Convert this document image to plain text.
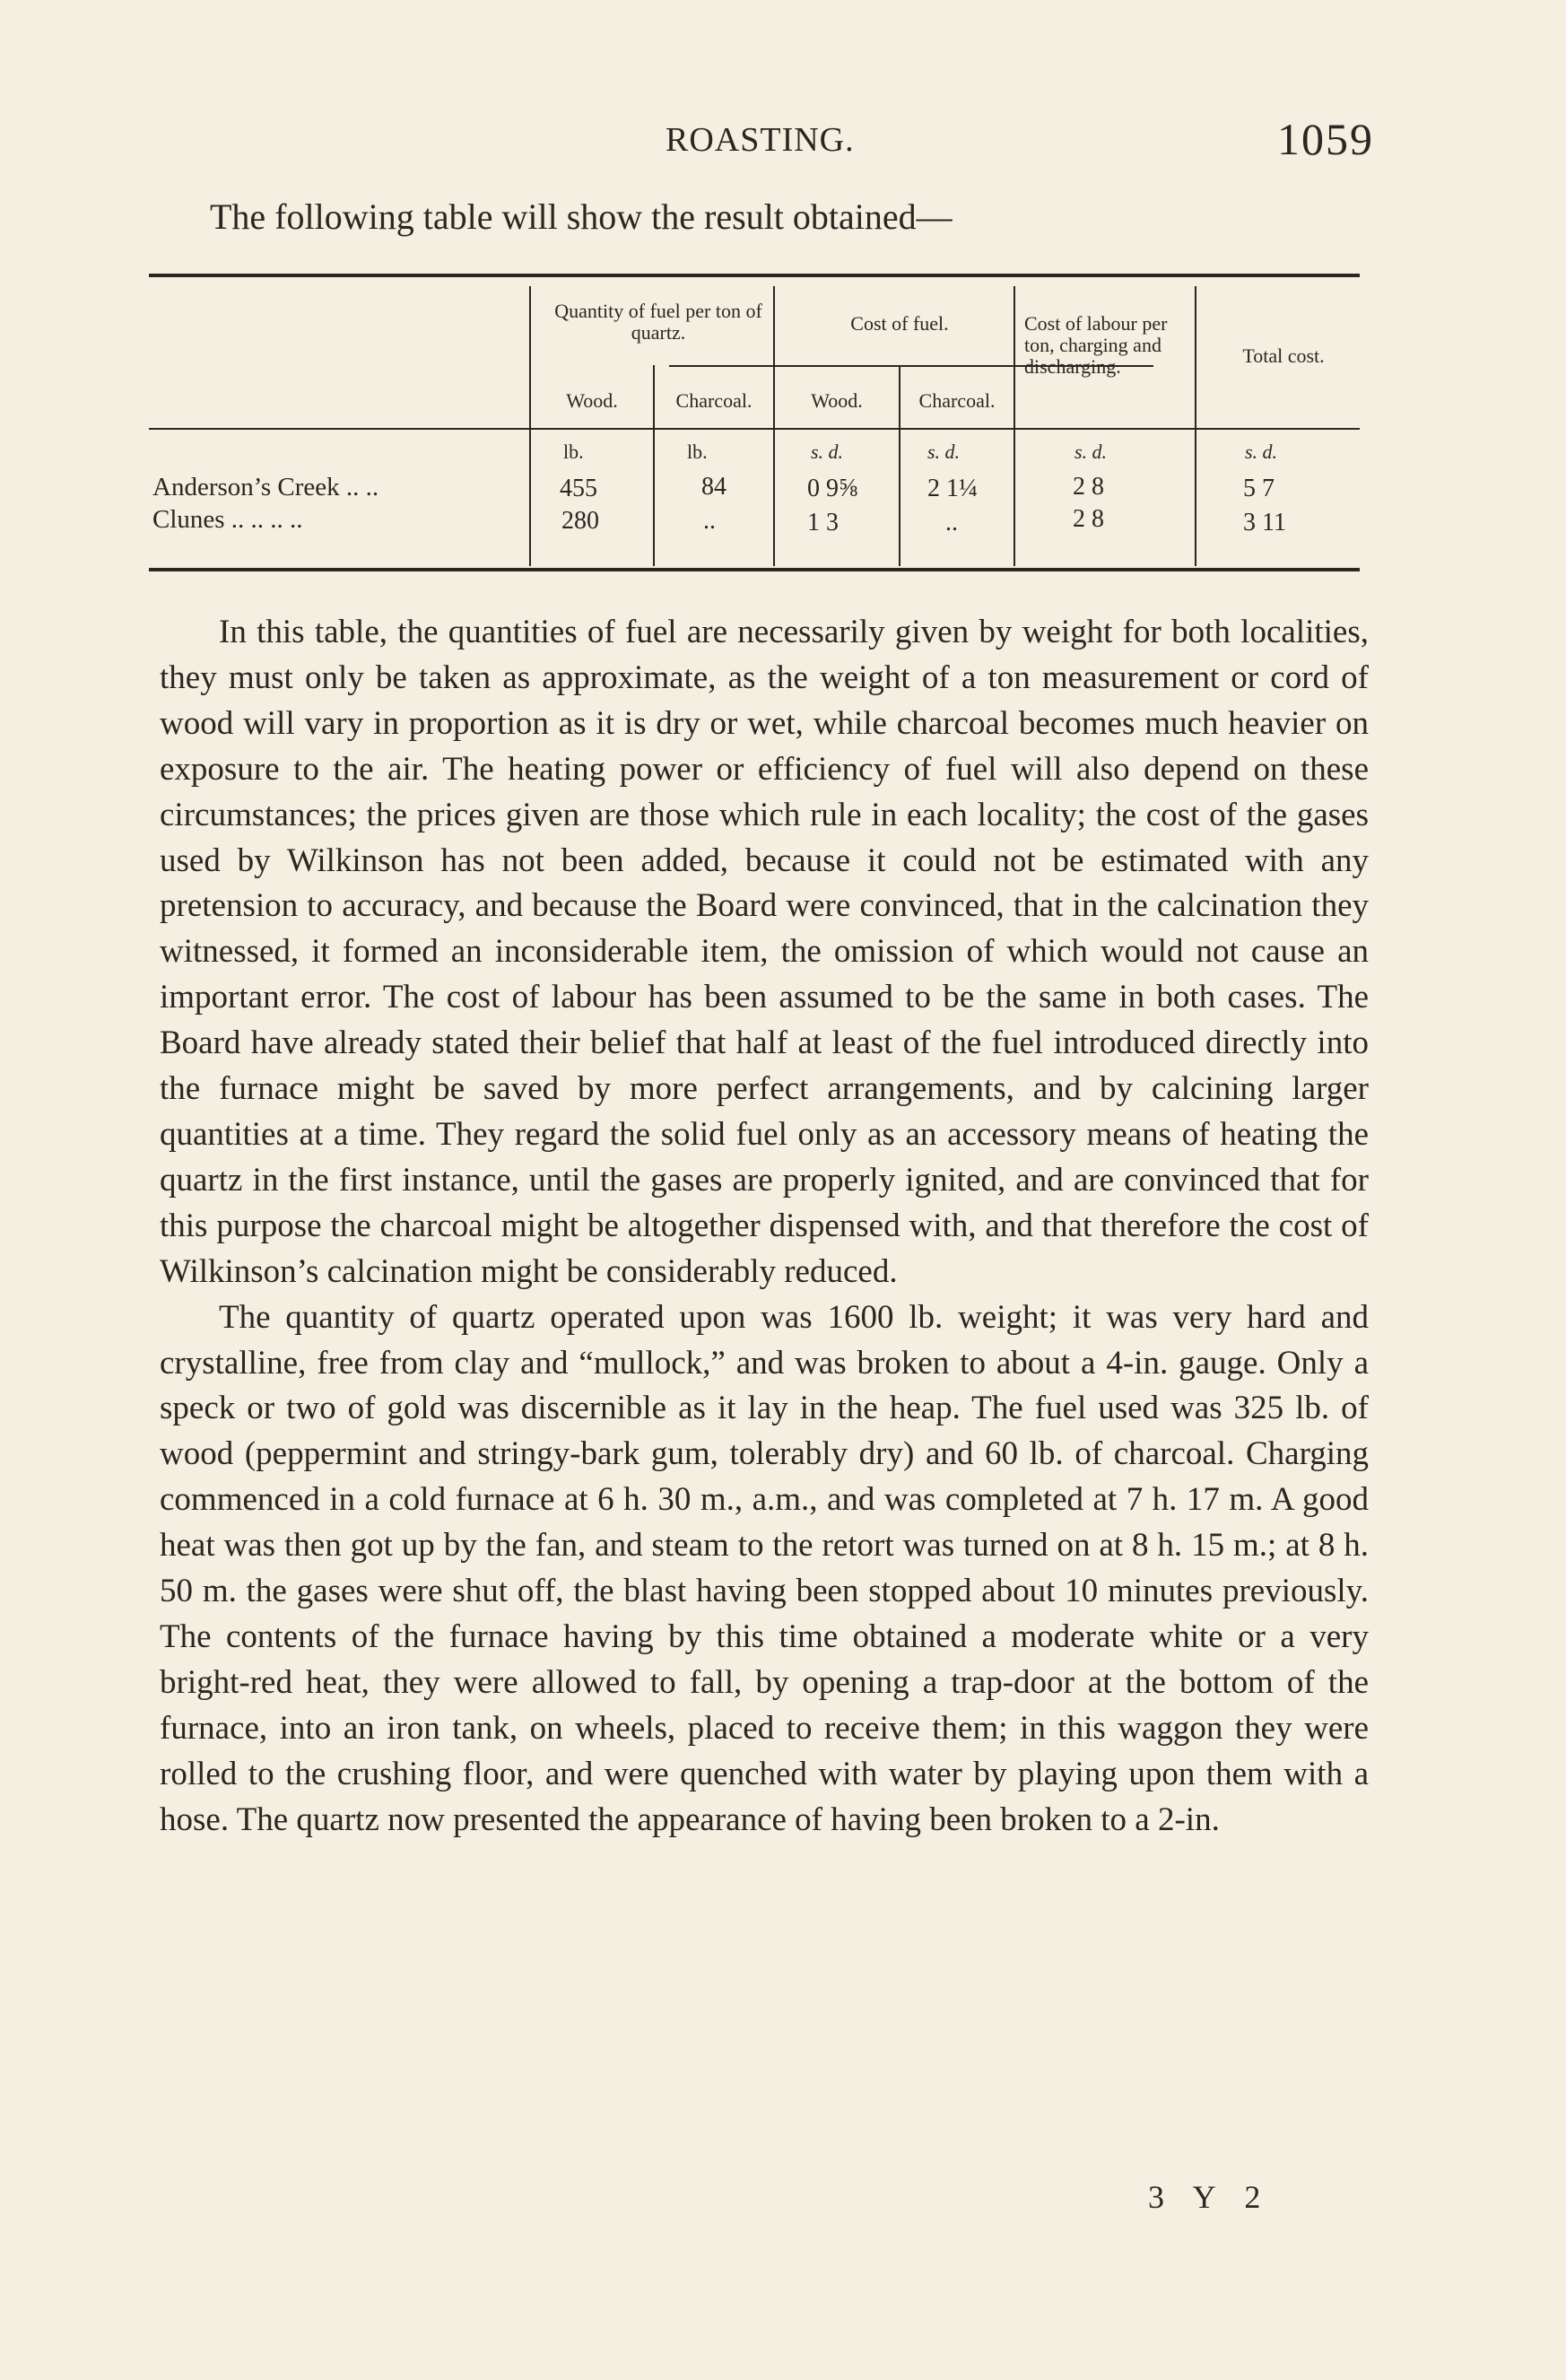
ROASTING.	1059
The following table will show the result obtained—
Quantity of fuel per ton of quartz.	Cost of fuel.	Cost of labour per ton, charging and discharging.	Total cost.
Wood.	Charcoal.	Wood.	Charcoal.
lb.	lb.	s. d.	s. d.	s. d.	s. d.
Anderson’s Creek .. ..	455	84	0 9⅝	2 1¼	2 8	5 7
Clunes .. .. .. ..	280	..	1 3	..	2 8	3 11

In this table, the quantities of fuel are necessarily given by weight for both localities, they must only be taken as approximate, as the weight of a ton measurement or cord of wood will vary in proportion as it is dry or wet, while charcoal becomes much heavier on exposure to the air. The heating power or efficiency of fuel will also depend on these circumstances; the prices given are those which rule in each locality; the cost of the gases used by Wilkinson has not been added, because it could not be estimated with any pretension to accuracy, and because the Board were convinced, that in the calcination they witnessed, it formed an inconsiderable item, the omission of which would not cause an important error. The cost of labour has been assumed to be the same in both cases. The Board have already stated their belief that half at least of the fuel introduced directly into the furnace might be saved by more perfect arrangements, and by calcining larger quantities at a time. They regard the solid fuel only as an accessory means of heating the quartz in the first instance, until the gases are properly ignited, and are convinced that for this purpose the charcoal might be altogether dispensed with, and that therefore the cost of Wilkinson’s calcination might be considerably reduced.

The quantity of quartz operated upon was 1600 lb. weight; it was very hard and crystalline, free from clay and “mullock,” and was broken to about a 4-in. gauge. Only a speck or two of gold was discernible as it lay in the heap. The fuel used was 325 lb. of wood (peppermint and stringy-bark gum, tolerably dry) and 60 lb. of charcoal. Charging commenced in a cold furnace at 6 h. 30 m., a.m., and was completed at 7 h. 17 m. A good heat was then got up by the fan, and steam to the retort was turned on at 8 h. 15 m.; at 8 h. 50 m. the gases were shut off, the blast having been stopped about 10 minutes previously. The contents of the furnace having by this time obtained a moderate white or a very bright-red heat, they were allowed to fall, by opening a trap-door at the bottom of the furnace, into an iron tank, on wheels, placed to receive them; in this waggon they were rolled to the crushing floor, and were quenched with water by playing upon them with a hose. The quartz now presented the appearance of having been broken to a 2-in.

3 Y 2
